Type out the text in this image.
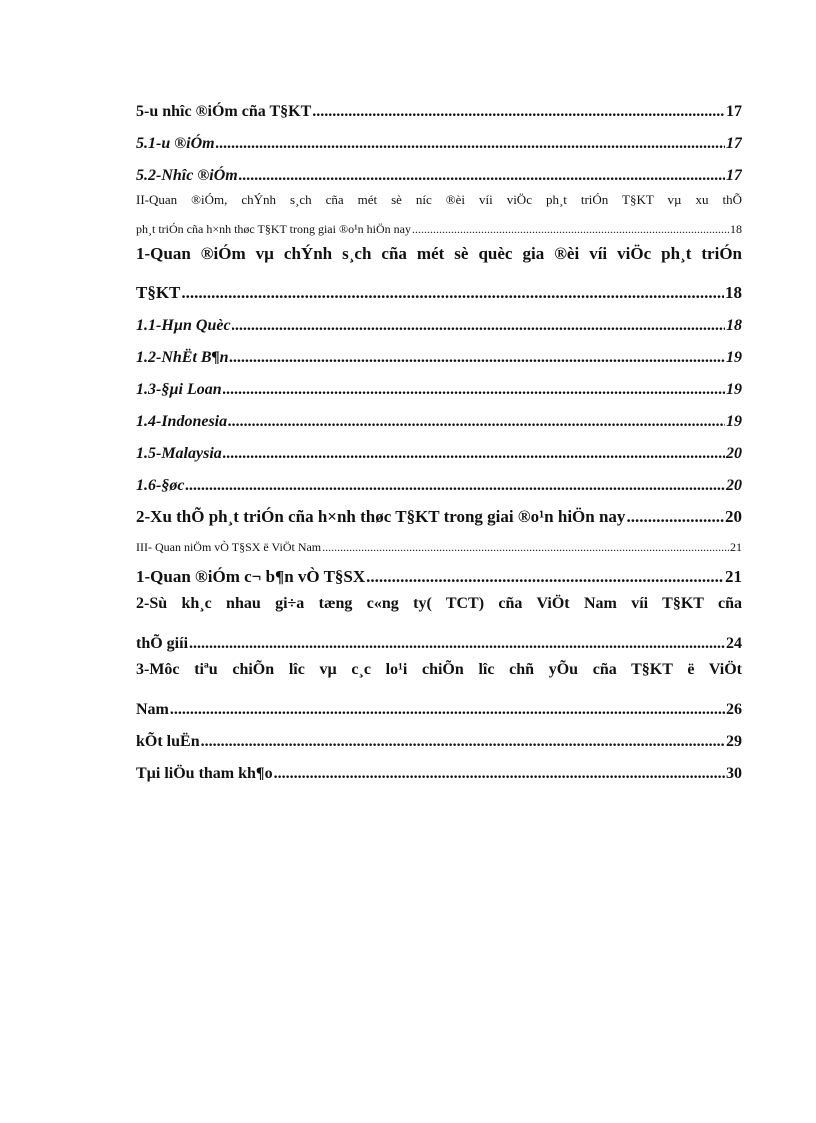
5-u nhîc ®iÓm cña T§KT .....	17
5.1-u ®iÓm .....	17
5.2-Nhîc ®iÓm .....	17
II-Quan ®iÓm, chÝnh s¸ch cña mét sè níc ®èi víi viÖc ph¸t triÓn T§KT vµ xu thÕ
ph¸t triÓn cña h×nh thøc T§KT trong giai ®o¹n hiÖn nay .....	18
1-Quan ®iÓm vµ chÝnh s¸ch cña mét sè quèc gia ®èi víi viÖc ph¸t triÓn
T§KT .....	18
1.1-Hµn Quèc .....	18
1.2-NhËt B¶n .....	19
1.3-§µi Loan .....	19
1.4-Indonesia .....	19
1.5-Malaysia .....	20
1.6-§øc .....	20
2-Xu thÕ ph¸t triÓn cña h×nh thøc T§KT trong giai ®o¹n hiÖn nay .....	20
III- Quan niÖm vÒ T§SX ë ViÖt Nam .....	21
1-Quan ®iÓm c¬ b¶n vÒ T§SX .....	21
2-Sù kh¸c nhau gi÷a tæng c«ng ty( TCT) cña ViÖt Nam víi T§KT cña
thÕ giíi .....	24
3-Môc tiªu chiÕn lîc vµ c¸c lo¹i chiÕn lîc chñ yÕu cña T§KT ë ViÖt
Nam .....	26
kÕt luËn .....	29
Tµi liÖu tham kh¶o .....	30
